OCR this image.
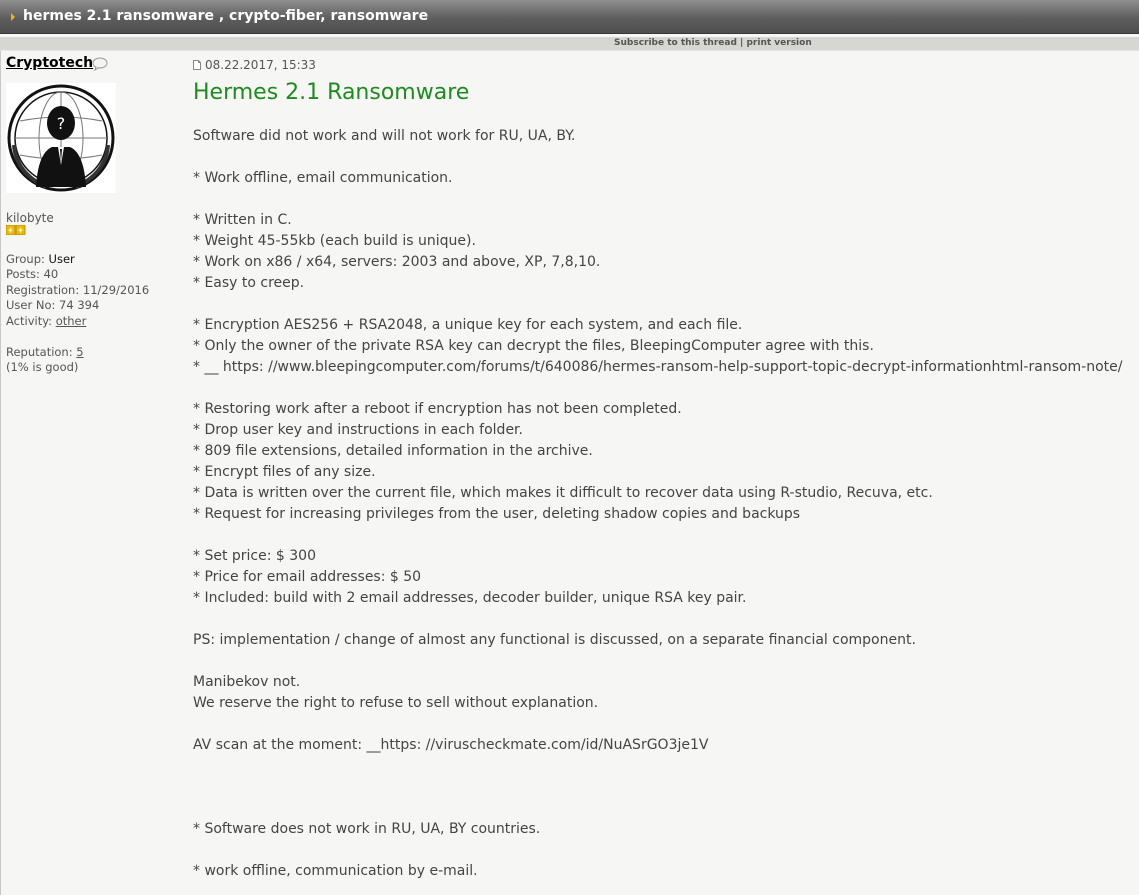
hermes 2.1 ransomware , crypto-fiber, ransomware
Subscribe to this thread | print version
Cryptotech
?
kilobyte
Group: User
Posts: 40
Registration: 11/29/2016
User No: 74 394
Activity: other
Reputation: 5
(1% is good)
08.22.2017, 15:33
Hermes 2.1 Ransomware
Software did not work and will not work for RU, UA, BY.
* Work offline, email communication.
* Written in C.
* Weight 45-55kb (each build is unique).
* Work on x86 / x64, servers: 2003 and above, XP, 7,8,10.
* Easy to creep.
* Encryption AES256 + RSA2048, a unique key for each system, and each file.
* Only the owner of the private RSA key can decrypt the files, BleepingComputer agree with this.
* __ https: //www.bleepingcomputer.com/forums/t/640086/hermes-ransom-help-support-topic-decrypt-informationhtml-ransom-note/
* Restoring work after a reboot if encryption has not been completed.
* Drop user key and instructions in each folder.
* 809 file extensions, detailed information in the archive.
* Encrypt files of any size.
* Data is written over the current file, which makes it difficult to recover data using R-studio, Recuva, etc.
* Request for increasing privileges from the user, deleting shadow copies and backups
* Set price: $ 300
* Price for email addresses: $ 50
* Included: build with 2 email addresses, decoder builder, unique RSA key pair.
PS: implementation / change of almost any functional is discussed, on a separate financial component.
Manibekov not.
We reserve the right to refuse to sell without explanation.
AV scan at the moment: __https: //viruscheckmate.com/id/NuASrGO3je1V
* Software does not work in RU, UA, BY countries.
* work offline, communication by e-mail.
